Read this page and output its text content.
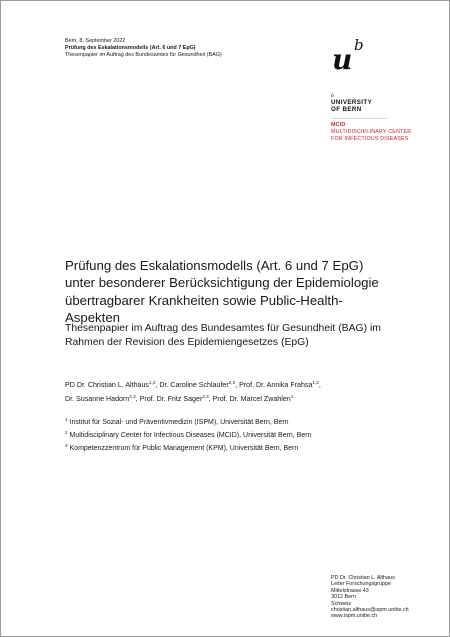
Bern, 8. September 2022
Prüfung des Eskalationsmodells (Art. 6 und 7 EpG)
Thesenpapier im Auftrag des Bundesamtes für Gesundheit (BAG)	u b
b
UNIVERSITY
OF BERN
MCID
MULTIDISCIPLINARY CENTER
FOR INFECTIOUS DISEASES
Prüfung des Eskalationsmodells (Art. 6 und 7 EpG) unter besonderer Berücksichtigung der Epidemiologie übertragbarer Krankheiten sowie Public-Health-Aspekten
Thesenpapier im Auftrag des Bundesamtes für Gesundheit (BAG) im Rahmen der Revision des Epidemiengesetzes (EpG)
PD Dr. Christian L. Althaus$^{1,2}$, Dr. Caroline Schlaufer$^{2,3}$, Prof. Dr. Annika Frahsa$^{1,2}$,
Dr. Susanne Hadorn$^{2,3}$, Prof. Dr. Fritz Sager$^{2,3}$, Prof. Dr. Marcel Zwahlen$^1$
$^1$ Institut für Sozial- und Präventivmedizin (ISPM), Universität Bern, Bern
$^2$ Multidisciplinary Center for Infectious Diseases (MCID), Universität Bern, Bern
$^3$ Kompetenzzentrum für Public Management (KPM), Universität Bern, Bern
PD Dr. Christian L. Althaus
Leiter Forschungsgruppe
Mittelstrasse 43
3012 Bern
Schweiz
christian.althaus@ispm.unibe.ch
www.ispm.unibe.ch
